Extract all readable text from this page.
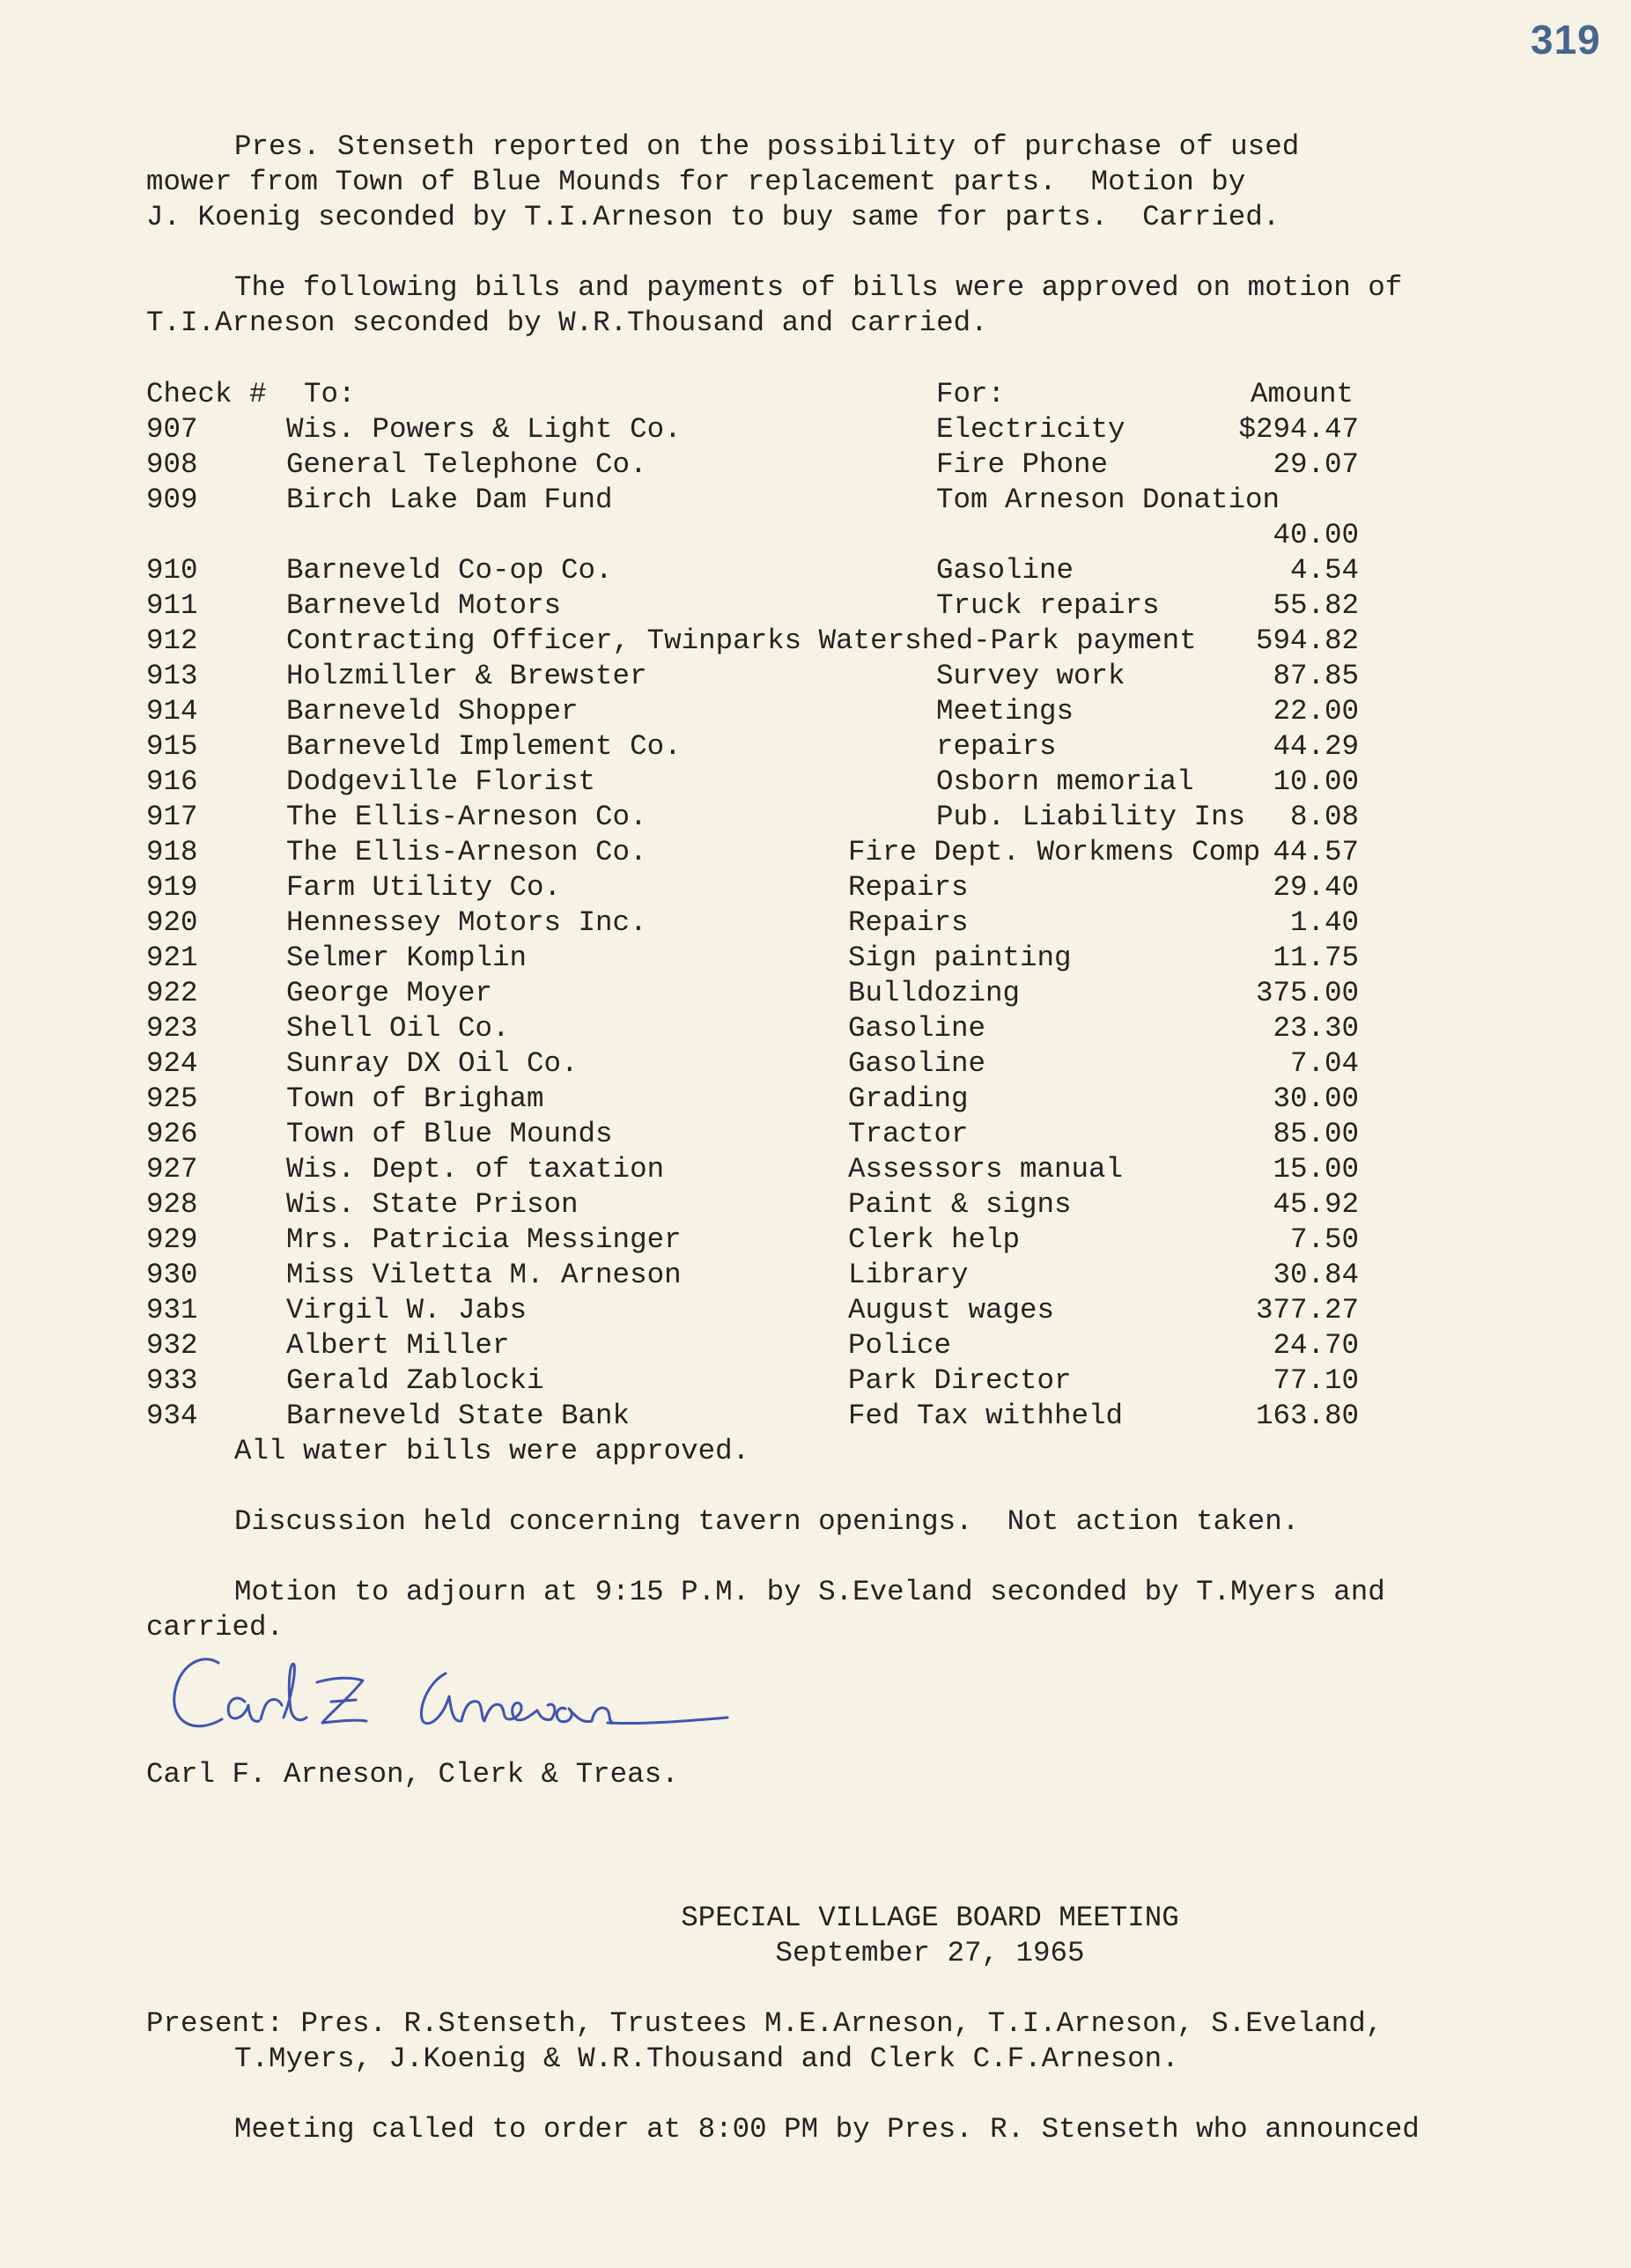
319
Pres. Stenseth reported on the possibility of purchase of used
mower from Town of Blue Mounds for replacement parts.  Motion by
J. Koenig seconded by T.I.Arneson to buy same for parts.  Carried.
The following bills and payments of bills were approved on motion of
T.I.Arneson seconded by W.R.Thousand and carried.
Check # To:	For:	Amount
907	Wis. Powers & Light Co.	Electricity	$294.47
908	General Telephone Co.	Fire Phone	29.07
909	Birch Lake Dam Fund	Tom Arneson Donation
40.00
910	Barneveld Co-op Co.	Gasoline	4.54
911	Barneveld Motors	Truck repairs	55.82
912	Contracting Officer, Twinparks Watershed-Park payment	594.82
913	Holzmiller & Brewster	Survey work	87.85
914	Barneveld Shopper	Meetings	22.00
915	Barneveld Implement Co.	repairs	44.29
916	Dodgeville Florist	Osborn memorial	10.00
917	The Ellis-Arneson Co.	Pub. Liability Ins	8.08
918	The Ellis-Arneson Co.	Fire Dept. Workmens Comp 44.57
919	Farm Utility Co.	Repairs	29.40
920	Hennessey Motors Inc.	Repairs	1.40
921	Selmer Komplin	Sign painting	11.75
922	George Moyer	Bulldozing	375.00
923	Shell Oil Co.	Gasoline	23.30
924	Sunray DX Oil Co.	Gasoline	7.04
925	Town of Brigham	Grading	30.00
926	Town of Blue Mounds	Tractor	85.00
927	Wis. Dept. of taxation	Assessors manual	15.00
928	Wis. State Prison	Paint & signs	45.92
929	Mrs. Patricia Messinger	Clerk help	7.50
930	Miss Viletta M. Arneson	Library	30.84
931	Virgil W. Jabs	August wages	377.27
932	Albert Miller	Police	24.70
933	Gerald Zablocki	Park Director	77.10
934	Barneveld State Bank	Fed Tax withheld	163.80
All water bills were approved.
Discussion held concerning tavern openings.  Not action taken.
Motion to adjourn at 9:15 P.M. by S.Eveland seconded by T.Myers and
carried.
Carl F. Arneson, Clerk & Treas.
SPECIAL VILLAGE BOARD MEETING
September 27, 1965
Present: Pres. R.Stenseth, Trustees M.E.Arneson, T.I.Arneson, S.Eveland,
T.Myers, J.Koenig & W.R.Thousand and Clerk C.F.Arneson.
Meeting called to order at 8:00 PM by Pres. R. Stenseth who announced
